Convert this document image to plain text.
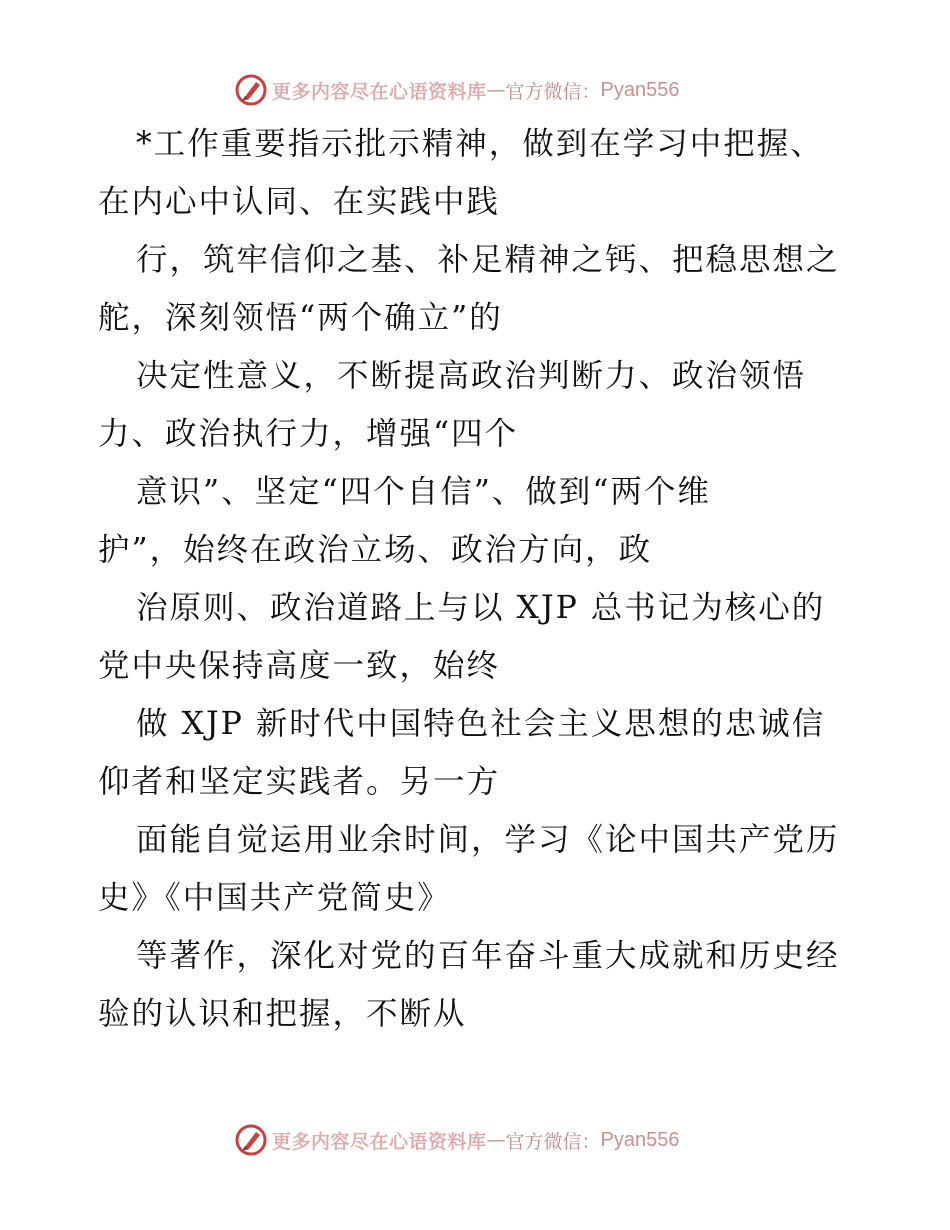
更多内容尽在心语资料库 — 官方微信： Pyan556
*工作重要指示批示精神，做到在学习中把握、
在内心中认同、在实践中践
行，筑牢信仰之基、补足精神之钙、把稳思想之
舵，深刻领悟“两个确立”的
决定性意义，不断提高政治判断力、政治领悟
力、政治执行力，增强“四个
意识”、坚定“四个自信”、做到“两个维
护”，始终在政治立场、政治方向，政
治原则、政治道路上与以 XJP 总书记为核心的
党中央保持高度一致，始终
做 XJP 新时代中国特色社会主义思想的忠诚信
仰者和坚定实践者。另一方
面能自觉运用业余时间，学习《论中国共产党历
史》《中国共产党简史》
等著作，深化对党的百年奋斗重大成就和历史经
验的认识和把握，不断从
更多内容尽在心语资料库 — 官方微信： Pyan556
